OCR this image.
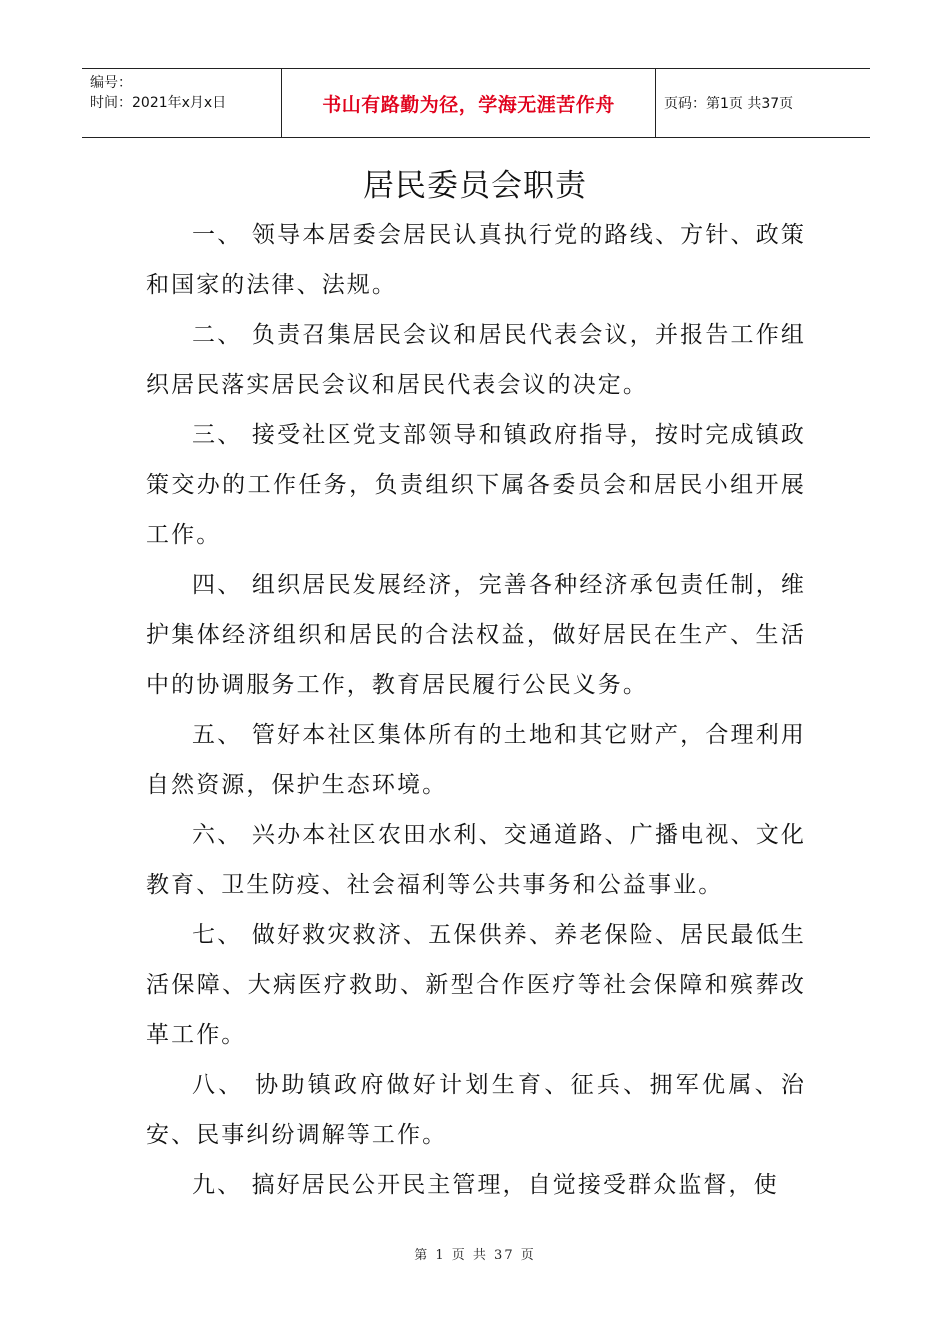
编号：
时间：2021年x月x日	书山有路勤为径，学海无涯苦作舟	页码：第1页 共37页
居民委员会职责

一、 领导本居委会居民认真执行党的路线、方针、政策和国家的法律、法规。

二、 负责召集居民会议和居民代表会议，并报告工作组织居民落实居民会议和居民代表会议的决定。

三、 接受社区党支部领导和镇政府指导，按时完成镇政策交办的工作任务，负责组织下属各委员会和居民小组开展工作。

四、 组织居民发展经济，完善各种经济承包责任制，维护集体经济组织和居民的合法权益，做好居民在生产、生活中的协调服务工作，教育居民履行公民义务。

五、 管好本社区集体所有的土地和其它财产，合理利用自然资源，保护生态环境。

六、 兴办本社区农田水利、交通道路、广播电视、文化教育、卫生防疫、社会福利等公共事务和公益事业。

七、 做好救灾救济、五保供养、养老保险、居民最低生活保障、大病医疗救助、新型合作医疗等社会保障和殡葬改革工作。

八、 协助镇政府做好计划生育、征兵、拥军优属、治安、民事纠纷调解等工作。

九、 搞好居民公开民主管理，自觉接受群众监督，使

第 1 页 共 37 页
